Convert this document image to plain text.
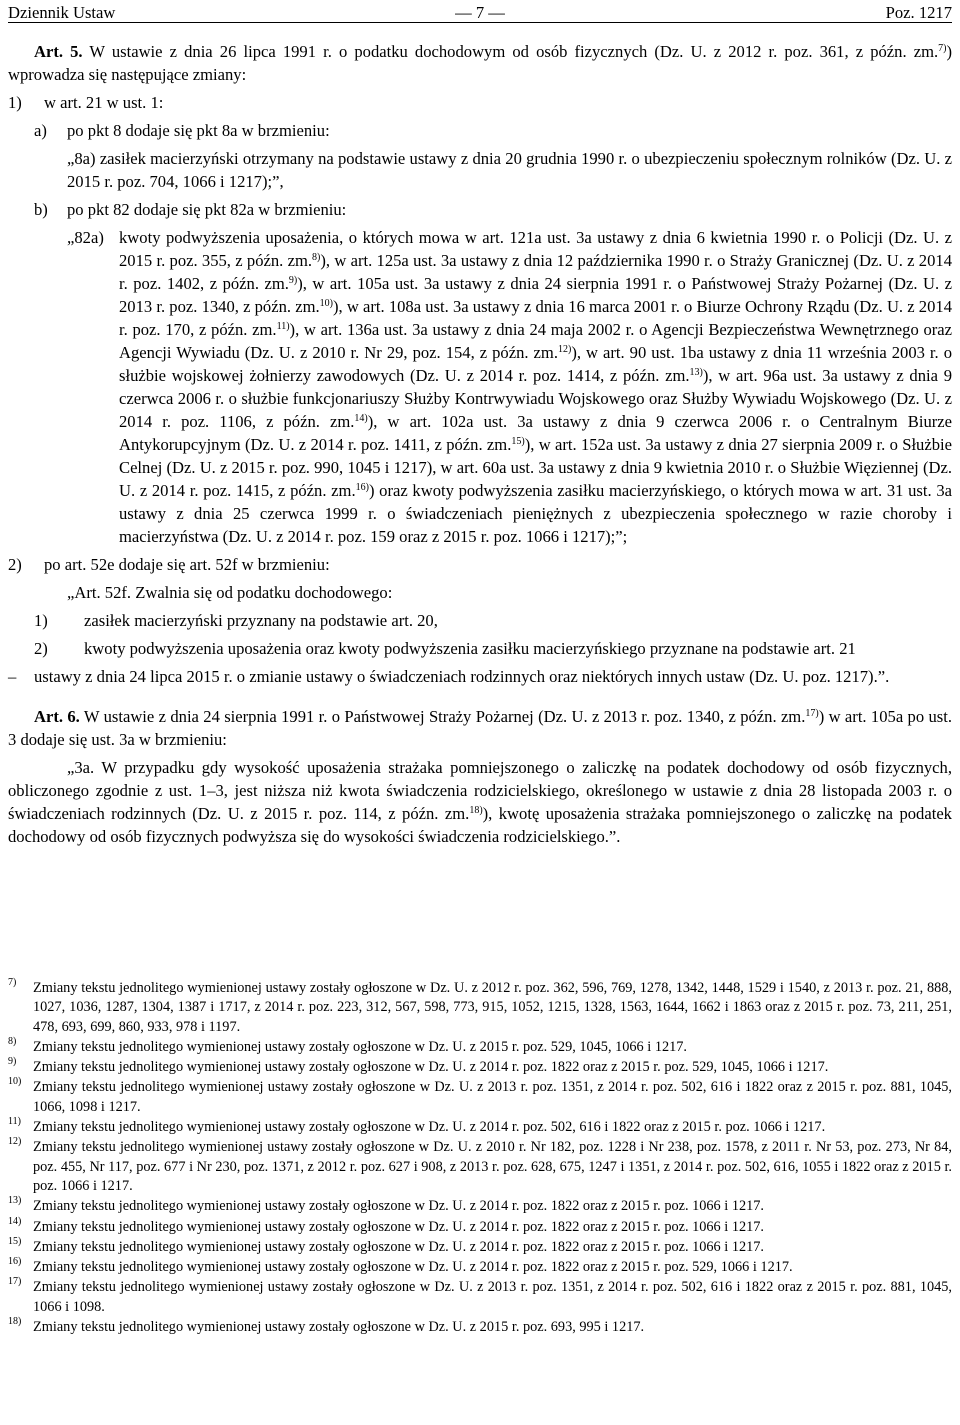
Dziennik Ustaw	— 7 —	Poz. 1217

Art. 5. W ustawie z dnia 26 lipca 1991 r. o podatku dochodowym od osób fizycznych (Dz. U. z 2012 r. poz. 361, z późn. zm.$^{7)}$) wprowadza się następujące zmiany:

1)	w art. 21 w ust. 1:
a)	po pkt 8 dodaje się pkt 8a w brzmieniu:

„8a) zasiłek macierzyński otrzymany na podstawie ustawy z dnia 20 grudnia 1990 r. o ubezpieczeniu społecznym rolników (Dz. U. z 2015 r. poz. 704, 1066 i 1217);”,

b)	po pkt 82 dodaje się pkt 82a w brzmieniu:
„82a) kwoty podwyższenia uposażenia, o których mowa w art. 121a ust. 3a ustawy z dnia 6 kwietnia 1990 r. o Policji (Dz. U. z 2015 r. poz. 355, z późn. zm.$^{8)}$), w art. 125a ust. 3a ustawy z dnia 12 października 1990 r. o Straży Granicznej (Dz. U. z 2014 r. poz. 1402, z późn. zm.$^{9)}$), w art. 105a ust. 3a ustawy z dnia 24 sierpnia 1991 r. o Państwowej Straży Pożarnej (Dz. U. z 2013 r. poz. 1340, z późn. zm.$^{10)}$), w art. 108a ust. 3a ustawy z dnia 16 marca 2001 r. o Biurze Ochrony Rządu (Dz. U. z 2014 r. poz. 170, z późn. zm.$^{11)}$), w art. 136a ust. 3a ustawy z dnia 24 maja 2002 r. o Agencji Bezpieczeństwa Wewnętrznego oraz Agencji Wywiadu (Dz. U. z 2010 r. Nr 29, poz. 154, z późn. zm.$^{12)}$), w art. 90 ust. 1ba ustawy z dnia 11 września 2003 r. o służbie wojskowej żołnierzy zawodowych (Dz. U. z 2014 r. poz. 1414, z późn. zm.$^{13)}$), w art. 96a ust. 3a ustawy z dnia 9 czerwca 2006 r. o służbie funkcjonariuszy Służby Kontrwywiadu Wojskowego oraz Służby Wywiadu Wojskowego (Dz. U. z 2014 r. poz. 1106, z późn. zm.$^{14)}$), w art. 102a ust. 3a ustawy z dnia 9 czerwca 2006 r. o Centralnym Biurze Antykorupcyjnym (Dz. U. z 2014 r. poz. 1411, z późn. zm.$^{15)}$), w art. 152a ust. 3a ustawy z dnia 27 sierpnia 2009 r. o Służbie Celnej (Dz. U. z 2015 r. poz. 990, 1045 i 1217), w art. 60a ust. 3a ustawy z dnia 9 kwietnia 2010 r. o Służbie Więziennej (Dz. U. z 2014 r. poz. 1415, z późn. zm.$^{16)}$) oraz kwoty podwyższenia zasiłku macierzyńskiego, o których mowa w art. 31 ust. 3a ustawy z dnia 25 czerwca 1999 r. o świadczeniach pieniężnych z ubezpieczenia społecznego w razie choroby i macierzyństwa (Dz. U. z 2014 r. poz. 159 oraz z 2015 r. poz. 1066 i 1217);”;
2)	po art. 52e dodaje się art. 52f w brzmieniu:

„Art. 52f. Zwalnia się od podatku dochodowego:

1)	zasiłek macierzyński przyznany na podstawie art. 20,
2)	kwoty podwyższenia uposażenia oraz kwoty podwyższenia zasiłku macierzyńskiego przyznane na podstawie art. 21
–	ustawy z dnia 24 lipca 2015 r. o zmianie ustawy o świadczeniach rodzinnych oraz niektórych innych ustaw (Dz. U. poz. 1217).”.

Art. 6. W ustawie z dnia 24 sierpnia 1991 r. o Państwowej Straży Pożarnej (Dz. U. z 2013 r. poz. 1340, z późn. zm.$^{17)}$) w art. 105a po ust. 3 dodaje się ust. 3a w brzmieniu:

„3a. W przypadku gdy wysokość uposażenia strażaka pomniejszonego o zaliczkę na podatek dochodowy od osób fizycznych, obliczonego zgodnie z ust. 1–3, jest niższa niż kwota świadczenia rodzicielskiego, określonego w ustawie z dnia 28 listopada 2003 r. o świadczeniach rodzinnych (Dz. U. z 2015 r. poz. 114, z późn. zm.$^{18)}$), kwotę uposażenia strażaka pomniejszonego o zaliczkę na podatek dochodowy od osób fizycznych podwyższa się do wysokości świadczenia rodzicielskiego.”.

7) Zmiany tekstu jednolitego wymienionej ustawy zostały ogłoszone w Dz. U. z 2012 r. poz. 362, 596, 769, 1278, 1342, 1448, 1529 i 1540, z 2013 r. poz. 21, 888, 1027, 1036, 1287, 1304, 1387 i 1717, z 2014 r. poz. 223, 312, 567, 598, 773, 915, 1052, 1215, 1328, 1563, 1644, 1662 i 1863 oraz z 2015 r. poz. 73, 211, 251, 478, 693, 699, 860, 933, 978 i 1197.
8) Zmiany tekstu jednolitego wymienionej ustawy zostały ogłoszone w Dz. U. z 2015 r. poz. 529, 1045, 1066 i 1217.
9) Zmiany tekstu jednolitego wymienionej ustawy zostały ogłoszone w Dz. U. z 2014 r. poz. 1822 oraz z 2015 r. poz. 529, 1045, 1066 i 1217.
10) Zmiany tekstu jednolitego wymienionej ustawy zostały ogłoszone w Dz. U. z 2013 r. poz. 1351, z 2014 r. poz. 502, 616 i 1822 oraz z 2015 r. poz. 881, 1045, 1066, 1098 i 1217.
11) Zmiany tekstu jednolitego wymienionej ustawy zostały ogłoszone w Dz. U. z 2014 r. poz. 502, 616 i 1822 oraz z 2015 r. poz. 1066 i 1217.
12) Zmiany tekstu jednolitego wymienionej ustawy zostały ogłoszone w Dz. U. z 2010 r. Nr 182, poz. 1228 i Nr 238, poz. 1578, z 2011 r. Nr 53, poz. 273, Nr 84, poz. 455, Nr 117, poz. 677 i Nr 230, poz. 1371, z 2012 r. poz. 627 i 908, z 2013 r. poz. 628, 675, 1247 i 1351, z 2014 r. poz. 502, 616, 1055 i 1822 oraz z 2015 r. poz. 1066 i 1217.
13) Zmiany tekstu jednolitego wymienionej ustawy zostały ogłoszone w Dz. U. z 2014 r. poz. 1822 oraz z 2015 r. poz. 1066 i 1217.
14) Zmiany tekstu jednolitego wymienionej ustawy zostały ogłoszone w Dz. U. z 2014 r. poz. 1822 oraz z 2015 r. poz. 1066 i 1217.
15) Zmiany tekstu jednolitego wymienionej ustawy zostały ogłoszone w Dz. U. z 2014 r. poz. 1822 oraz z 2015 r. poz. 1066 i 1217.
16) Zmiany tekstu jednolitego wymienionej ustawy zostały ogłoszone w Dz. U. z 2014 r. poz. 1822 oraz z 2015 r. poz. 529, 1066 i 1217.
17) Zmiany tekstu jednolitego wymienionej ustawy zostały ogłoszone w Dz. U. z 2013 r. poz. 1351, z 2014 r. poz. 502, 616 i 1822 oraz z 2015 r. poz. 881, 1045, 1066 i 1098.
18) Zmiany tekstu jednolitego wymienionej ustawy zostały ogłoszone w Dz. U. z 2015 r. poz. 693, 995 i 1217.
